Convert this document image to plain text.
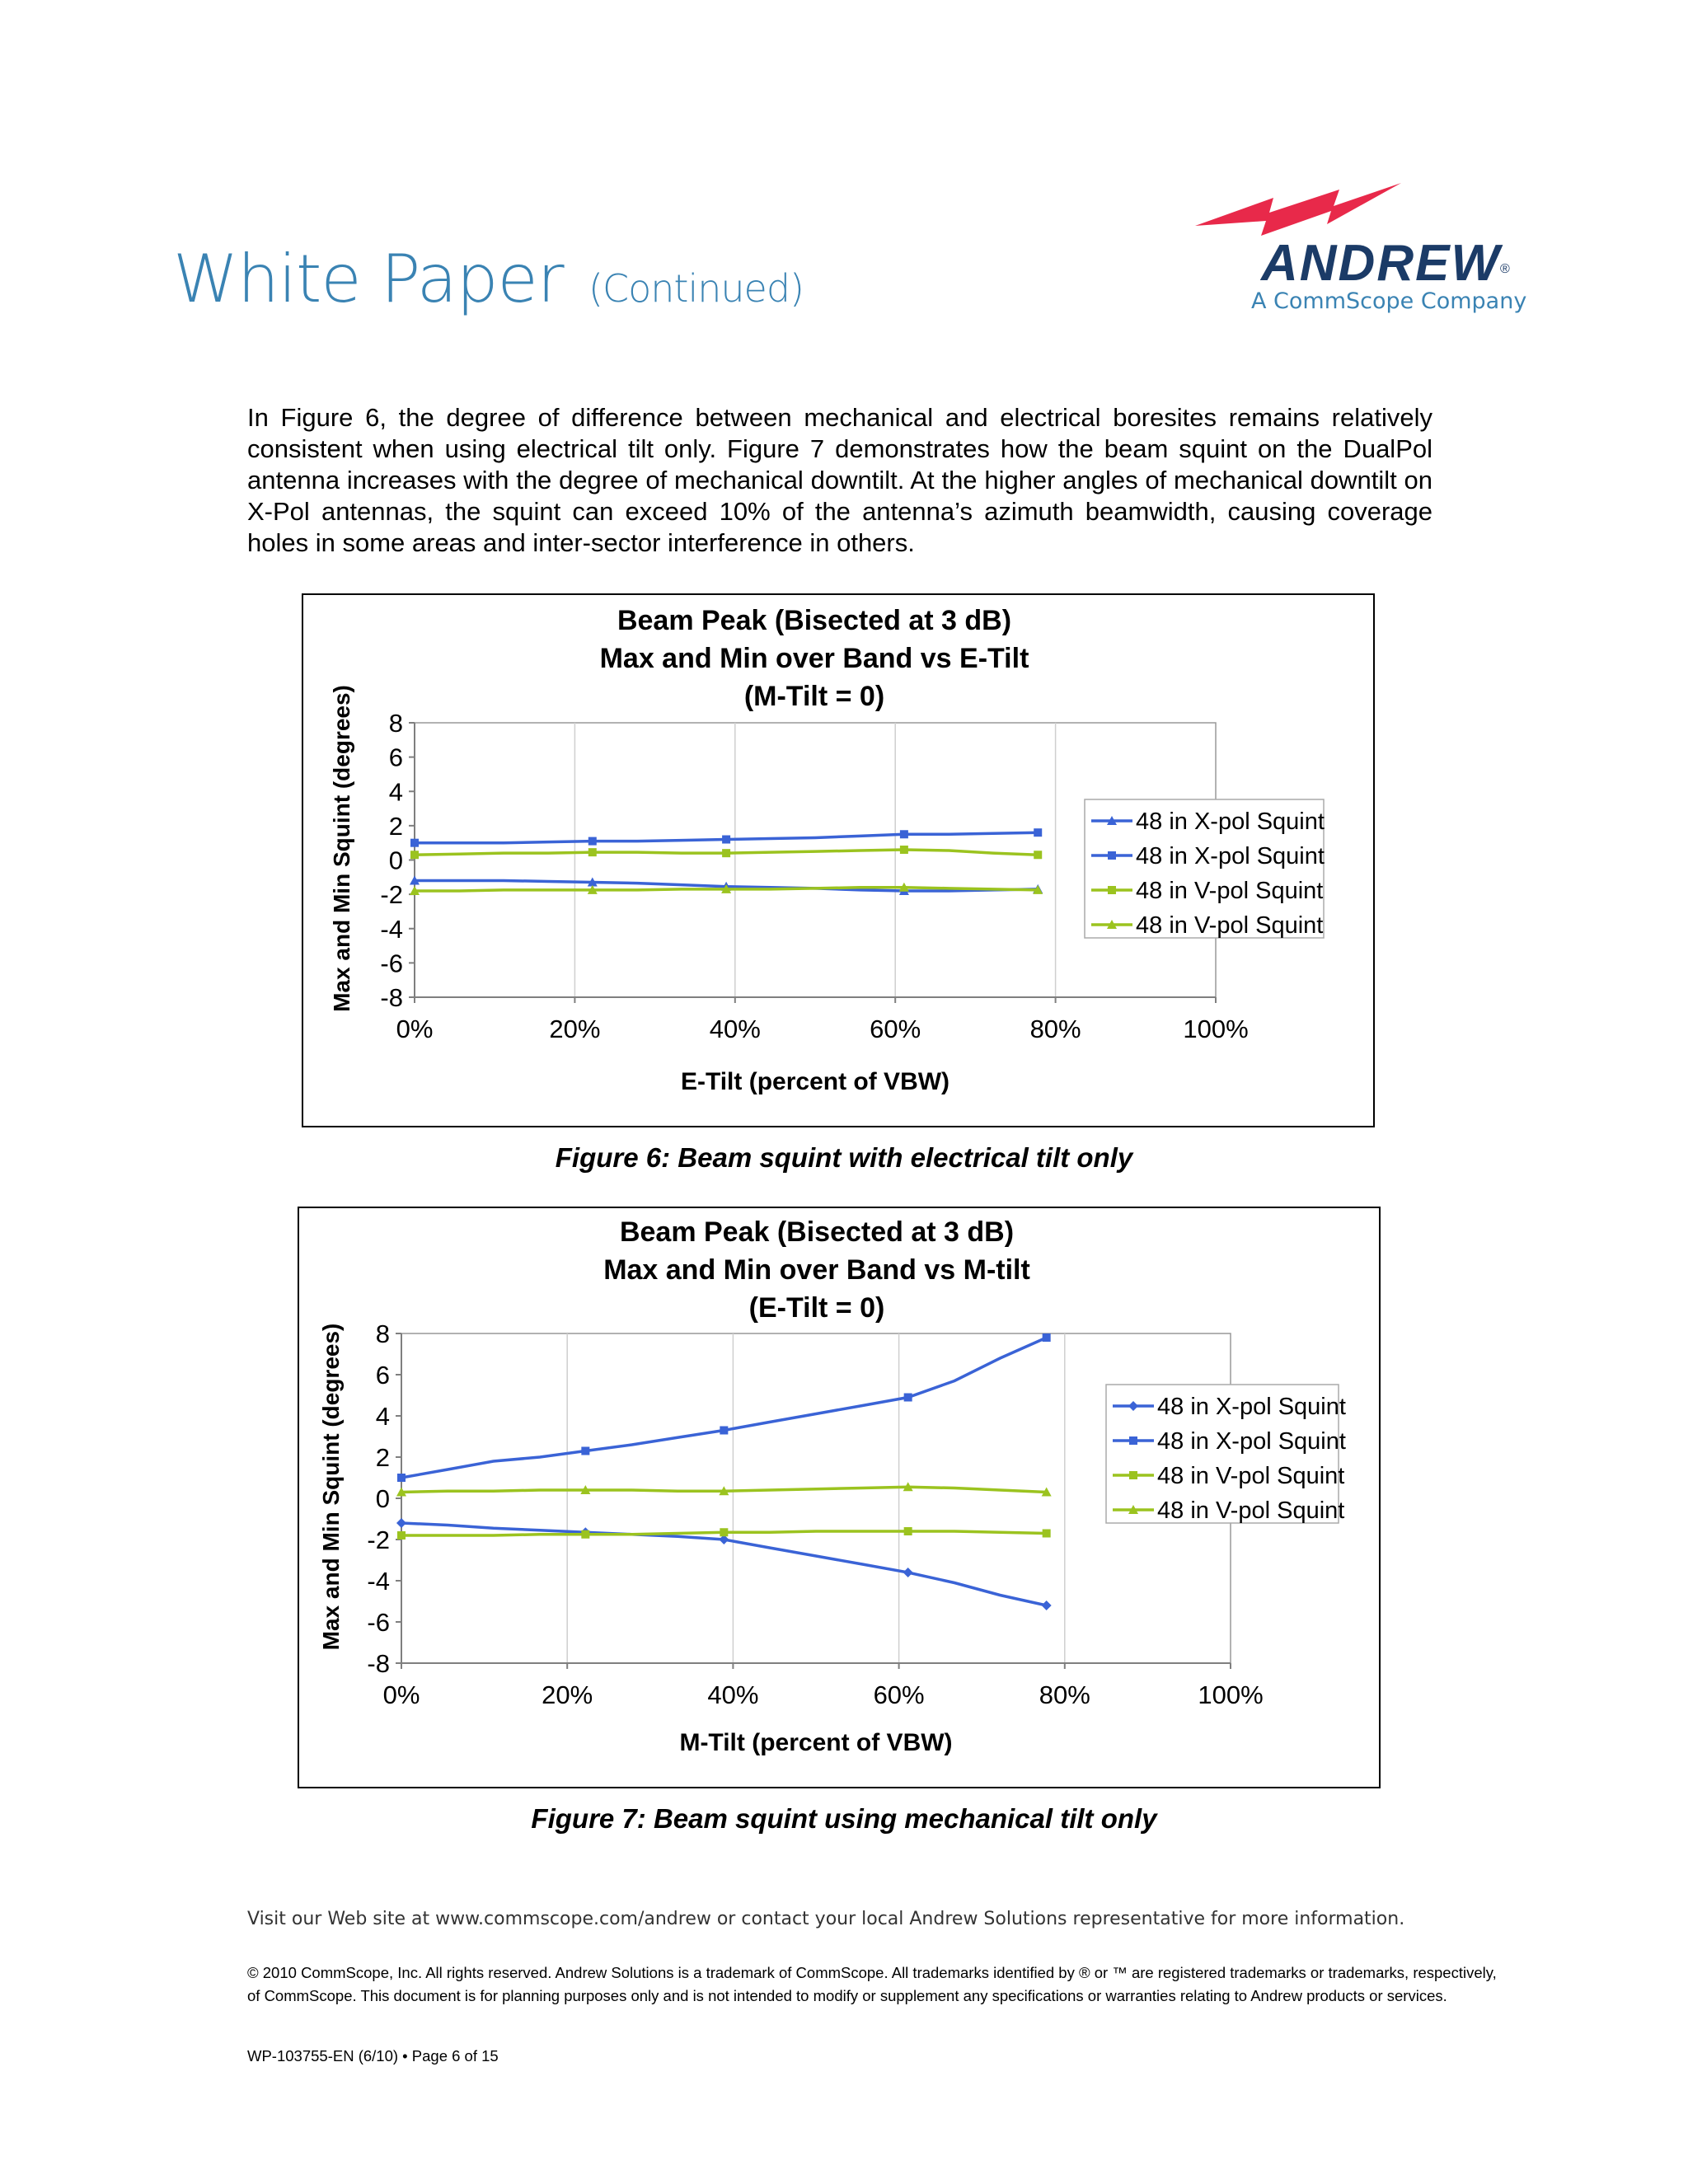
White Paper (Continued)	ANDREW ®
A CommScope Company
In Figure 6, the degree of difference between mechanical and electrical boresites remains relatively consistent when using electrical tilt only. Figure 7 demonstrates how the beam squint on the DualPol antenna increases with the degree of mechanical downtilt. At the higher angles of mechanical downtilt on X-Pol antennas, the squint can exceed 10% of the antenna’s azimuth beamwidth, causing coverage holes in some areas and inter-sector interference in others.
Beam Peak (Bisected at 3 dB)
Max and Min over Band vs E-Tilt
(M-Tilt = 0)
8
6
4
2
0
-2
-4
-6
-8
0%	20%	40%	60%	80%	100%
E-Tilt (percent of VBW)
Max and Min Squint (degrees)	48 in X-pol Squint
48 in X-pol Squint
48 in V-pol Squint
48 in V-pol Squint
Figure 6: Beam squint with electrical tilt only
Beam Peak (Bisected at 3 dB)
Max and Min over Band vs M-tilt
(E-Tilt = 0)
8
6
4
2
0
-2
-4
-6
-8
0%	20%	40%	60%	80%	100%
M-Tilt (percent of VBW)
Max and Min Squint (degrees)	48 in X-pol Squint
48 in X-pol Squint
48 in V-pol Squint
48 in V-pol Squint
Figure 7: Beam squint using mechanical tilt only
Visit our Web site at www.commscope.com/andrew or contact your local Andrew Solutions representative for more information.
© 2010 CommScope, Inc. All rights reserved. Andrew Solutions is a trademark of CommScope. All trademarks identified by ® or ™ are registered trademarks or trademarks, respectively, of CommScope. This document is for planning purposes only and is not intended to modify or supplement any specifications or warranties relating to Andrew products or services.
WP-103755-EN (6/10) • Page 6 of 15
